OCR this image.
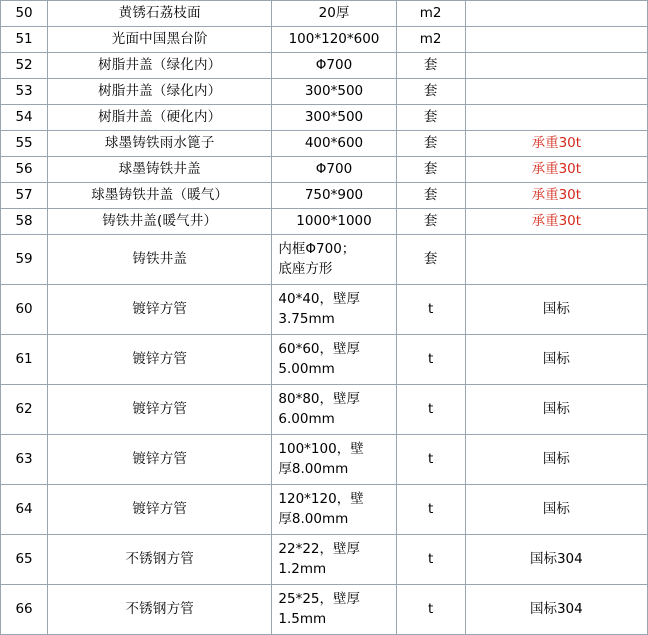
50	黄锈石荔枝面	20厚	m2	
51	光面中国黑台阶	100*120*600	m2	
52	树脂井盖（绿化内）	Φ700	套	
53	树脂井盖（绿化内）	300*500	套	
54	树脂井盖（硬化内）	300*500	套	
55	球墨铸铁雨水篦子	400*600	套	承重30t
56	球墨铸铁井盖	Φ700	套	承重30t
57	球墨铸铁井盖（暖气）	750*900	套	承重30t
58	铸铁井盖(暖气井）	1000*1000	套	承重30t
59	铸铁井盖	内框Φ700；
底座方形	套	
60	镀锌方管	40*40，壁厚
3.75mm	t	国标
61	镀锌方管	60*60，壁厚
5.00mm	t	国标
62	镀锌方管	80*80，壁厚
6.00mm	t	国标
63	镀锌方管	100*100，壁
厚8.00mm	t	国标
64	镀锌方管	120*120，壁
厚8.00mm	t	国标
65	不锈钢方管	22*22，壁厚
1.2mm	t	国标304
66	不锈钢方管	25*25，壁厚
1.5mm	t	国标304
